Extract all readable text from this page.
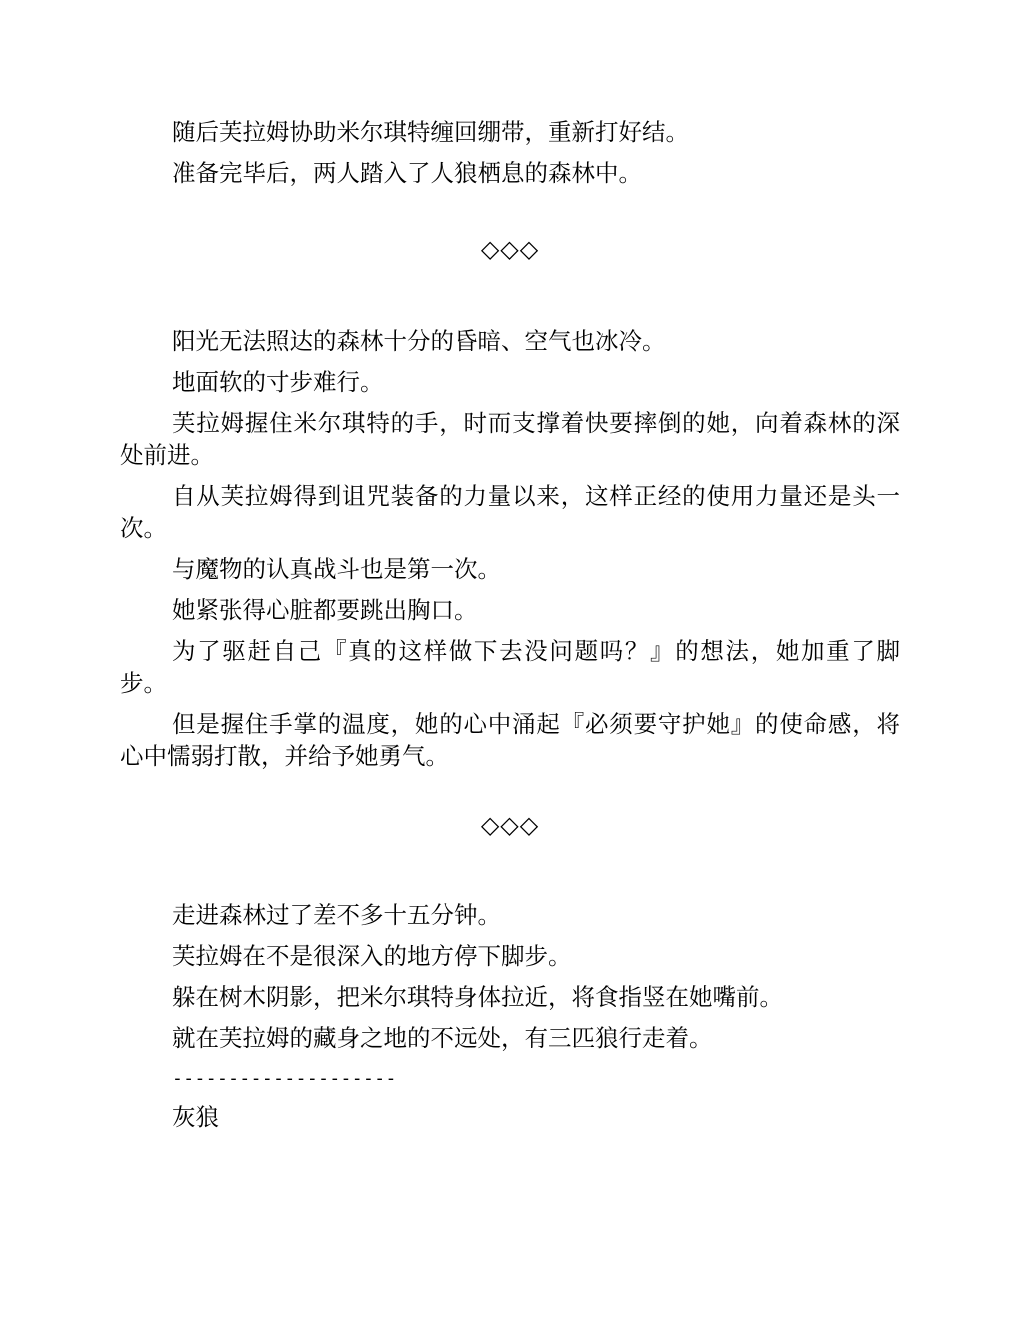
随后芙拉姆协助米尔琪特缠回绷带，重新打好结。

准备完毕后，两人踏入了人狼栖息的森林中。

◇◇◇

阳光无法照达的森林十分的昏暗、空气也冰冷。

地面软的寸步难行。

芙拉姆握住米尔琪特的手，时而支撑着快要摔倒的她，向着森林的深处前进。

自从芙拉姆得到诅咒装备的力量以来，这样正经的使用力量还是头一次。

与魔物的认真战斗也是第一次。

她紧张得心脏都要跳出胸口。

为了驱赶自己『真的这样做下去没问题吗？』的想法，她加重了脚步。

但是握住手掌的温度，她的心中涌起『必须要守护她』的使命感，将心中懦弱打散，并给予她勇气。

◇◇◇

走进森林过了差不多十五分钟。

芙拉姆在不是很深入的地方停下脚步。

躲在树木阴影，把米尔琪特身体拉近，将食指竖在她嘴前。

就在芙拉姆的藏身之地的不远处，有三匹狼行走着。

--------------------

灰狼
